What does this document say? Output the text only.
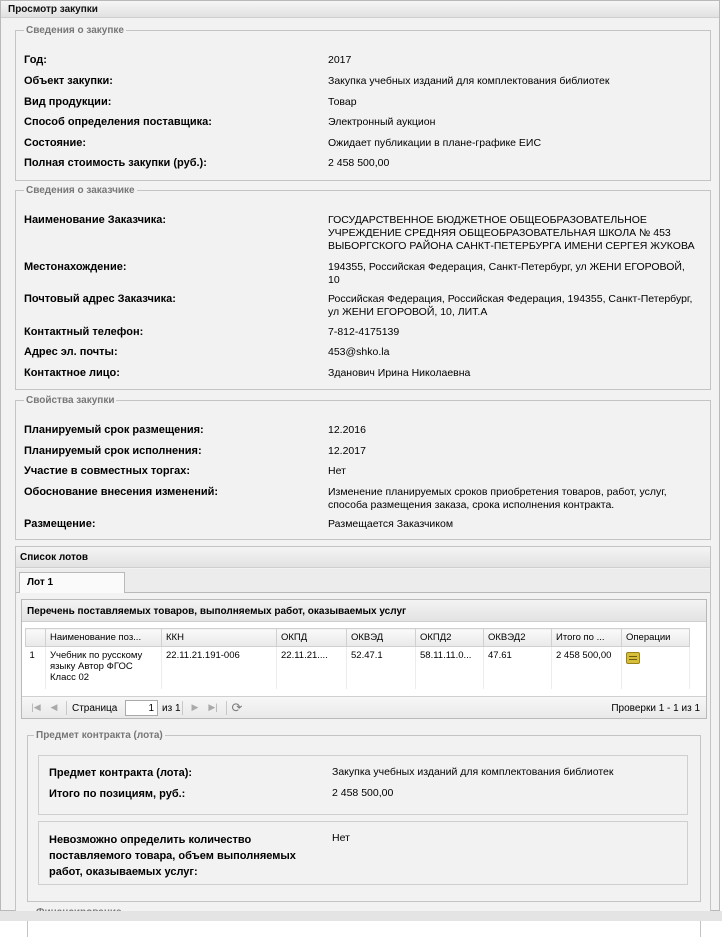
Просмотр закупки
Сведения о закупке
Год:	2017
Объект закупки:	Закупка учебных изданий для комплектования библиотек
Вид продукции:	Товар
Способ определения поставщика:	Электронный аукцион
Состояние:	Ожидает публикации в плане-графике ЕИС
Полная стоимость закупки (руб.):	2 458 500,00
Сведения о заказчике
Наименование Заказчика:	ГОСУДАРСТВЕННОЕ БЮДЖЕТНОЕ ОБЩЕОБРАЗОВАТЕЛЬНОЕ УЧРЕЖДЕНИЕ СРЕДНЯЯ ОБЩЕОБРАЗОВАТЕЛЬНАЯ ШКОЛА № 453 ВЫБОРГСКОГО РАЙОНА САНКТ-ПЕТЕРБУРГА ИМЕНИ СЕРГЕЯ ЖУКОВА
Местонахождение:	194355, Российская Федерация, Санкт-Петербург, ул ЖЕНИ ЕГОРОВОЙ, 10
Почтовый адрес Заказчика:	Российская Федерация, Российская Федерация, 194355, Санкт-Петербург, ул ЖЕНИ ЕГОРОВОЙ, 10, ЛИТ.А
Контактный телефон:	7-812-4175139
Адрес эл. почты:	453@shko.la
Контактное лицо:	Зданович Ирина Николаевна
Свойства закупки
Планируемый срок размещения:	12.2016
Планируемый срок исполнения:	12.2017
Участие в совместных торгах:	Нет
Обоснование внесения изменений:	Изменение планируемых сроков приобретения товаров, работ, услуг, способа размещения заказа, срока исполнения контракта.
Размещение:	Размещается Заказчиком
Список лотов
Лот 1
Перечень поставляемых товаров, выполняемых работ, оказываемых услуг
	Наименование поз...	ККН	ОКПД	ОКВЭД	ОКПД2	ОКВЭД2	Итого по ...	Операции
1	Учебник по русскому языку Автор ФГОС Класс 02	22.11.21.191-006	22.11.21....	52.47.1	58.11.11.0...	47.61	2 458 500,00	
|◀ ◀ Страница
1	из 1 ▶ ▶| ⟳	Проверки 1 - 1 из 1
Предмет контракта (лота)
Предмет контракта (лота):	Закупка учебных изданий для комплектования библиотек
Итого по позициям, руб.:	2 458 500,00
Невозможно определить количество поставляемого товара, объем выполняемых работ, оказываемых услуг:
Нет
